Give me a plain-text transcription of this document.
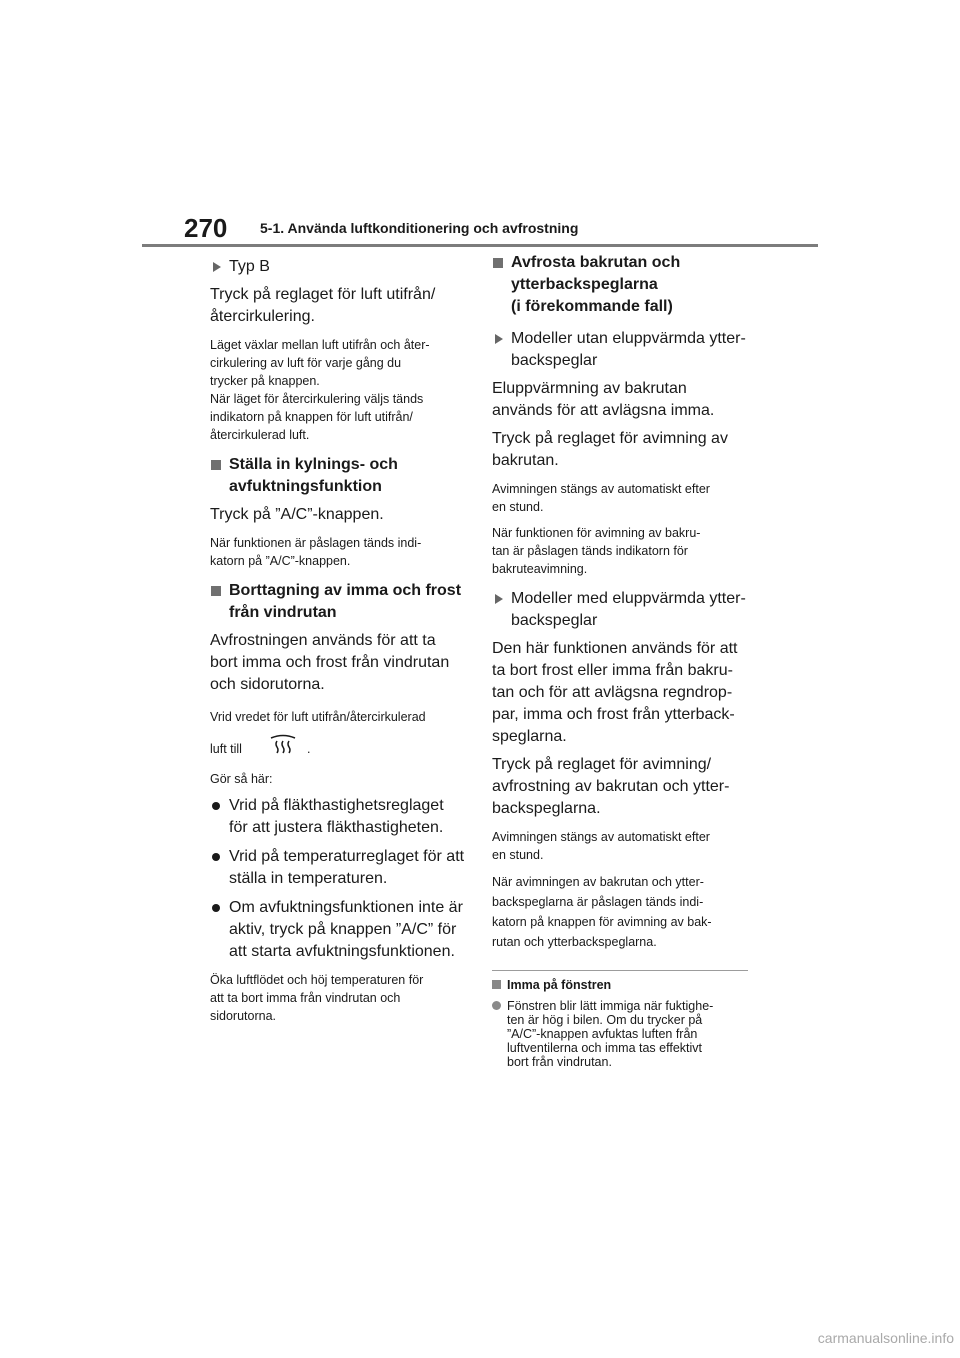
270 5-1. Använda luftkonditionering och avfrostning
Typ B

Tryck på reglaget för luft utifrån/
återcirkulering.

Läget växlar mellan luft utifrån och åter-
cirkulering av luft för varje gång du
trycker på knappen.
När läget för återcirkulering väljs tänds
indikatorn på knappen för luft utifrån/
återcirkulerad luft.

Ställa in kylnings- och
avfuktningsfunktion

Tryck på ”A/C”-knappen.

När funktionen är påslagen tänds indi-
katorn på ”A/C”-knappen.

Borttagning av imma och frost
från vindrutan

Avfrostningen används för att ta
bort imma och frost från vindrutan
och sidorutorna.

Vrid vredet för luft utifrån/återcirkulerad
luft till	.
Gör så här:
Vrid på fläkthastighetsreglaget
för att justera fläkthastigheten.
Vrid på temperaturreglaget för att
ställa in temperaturen.
Om avfuktningsfunktionen inte är
aktiv, tryck på knappen ”A/C” för
att starta avfuktningsfunktionen.

Öka luftflödet och höj temperaturen för
att ta bort imma från vindrutan och
sidorutorna.

Avfrosta bakrutan och
ytterbackspeglarna
(i förekommande fall)
Modeller utan eluppvärmda ytter-
backspeglar

Eluppvärmning av bakrutan
används för att avlägsna imma.

Tryck på reglaget för avimning av
bakrutan.

Avimningen stängs av automatiskt efter
en stund.

När funktionen för avimning av bakru-
tan är påslagen tänds indikatorn för
bakruteavimning.

Modeller med eluppvärmda ytter-
backspeglar

Den här funktionen används för att
ta bort frost eller imma från bakru-
tan och för att avlägsna regndrop-
par, imma och frost från ytterback-
speglarna.

Tryck på reglaget för avimning/
avfrostning av bakrutan och ytter-
backspeglarna.

Avimningen stängs av automatiskt efter
en stund.

När avimningen av bakrutan och ytter-
backspeglarna är påslagen tänds indi-
katorn på knappen för avimning av bak-
rutan och ytterbackspeglarna.

Imma på fönstren
Fönstren blir lätt immiga när fuktighe-
ten är hög i bilen. Om du trycker på
”A/C”-knappen avfuktas luften från
luftventilerna och imma tas effektivt
bort från vindrutan.
carmanualsonline.info
